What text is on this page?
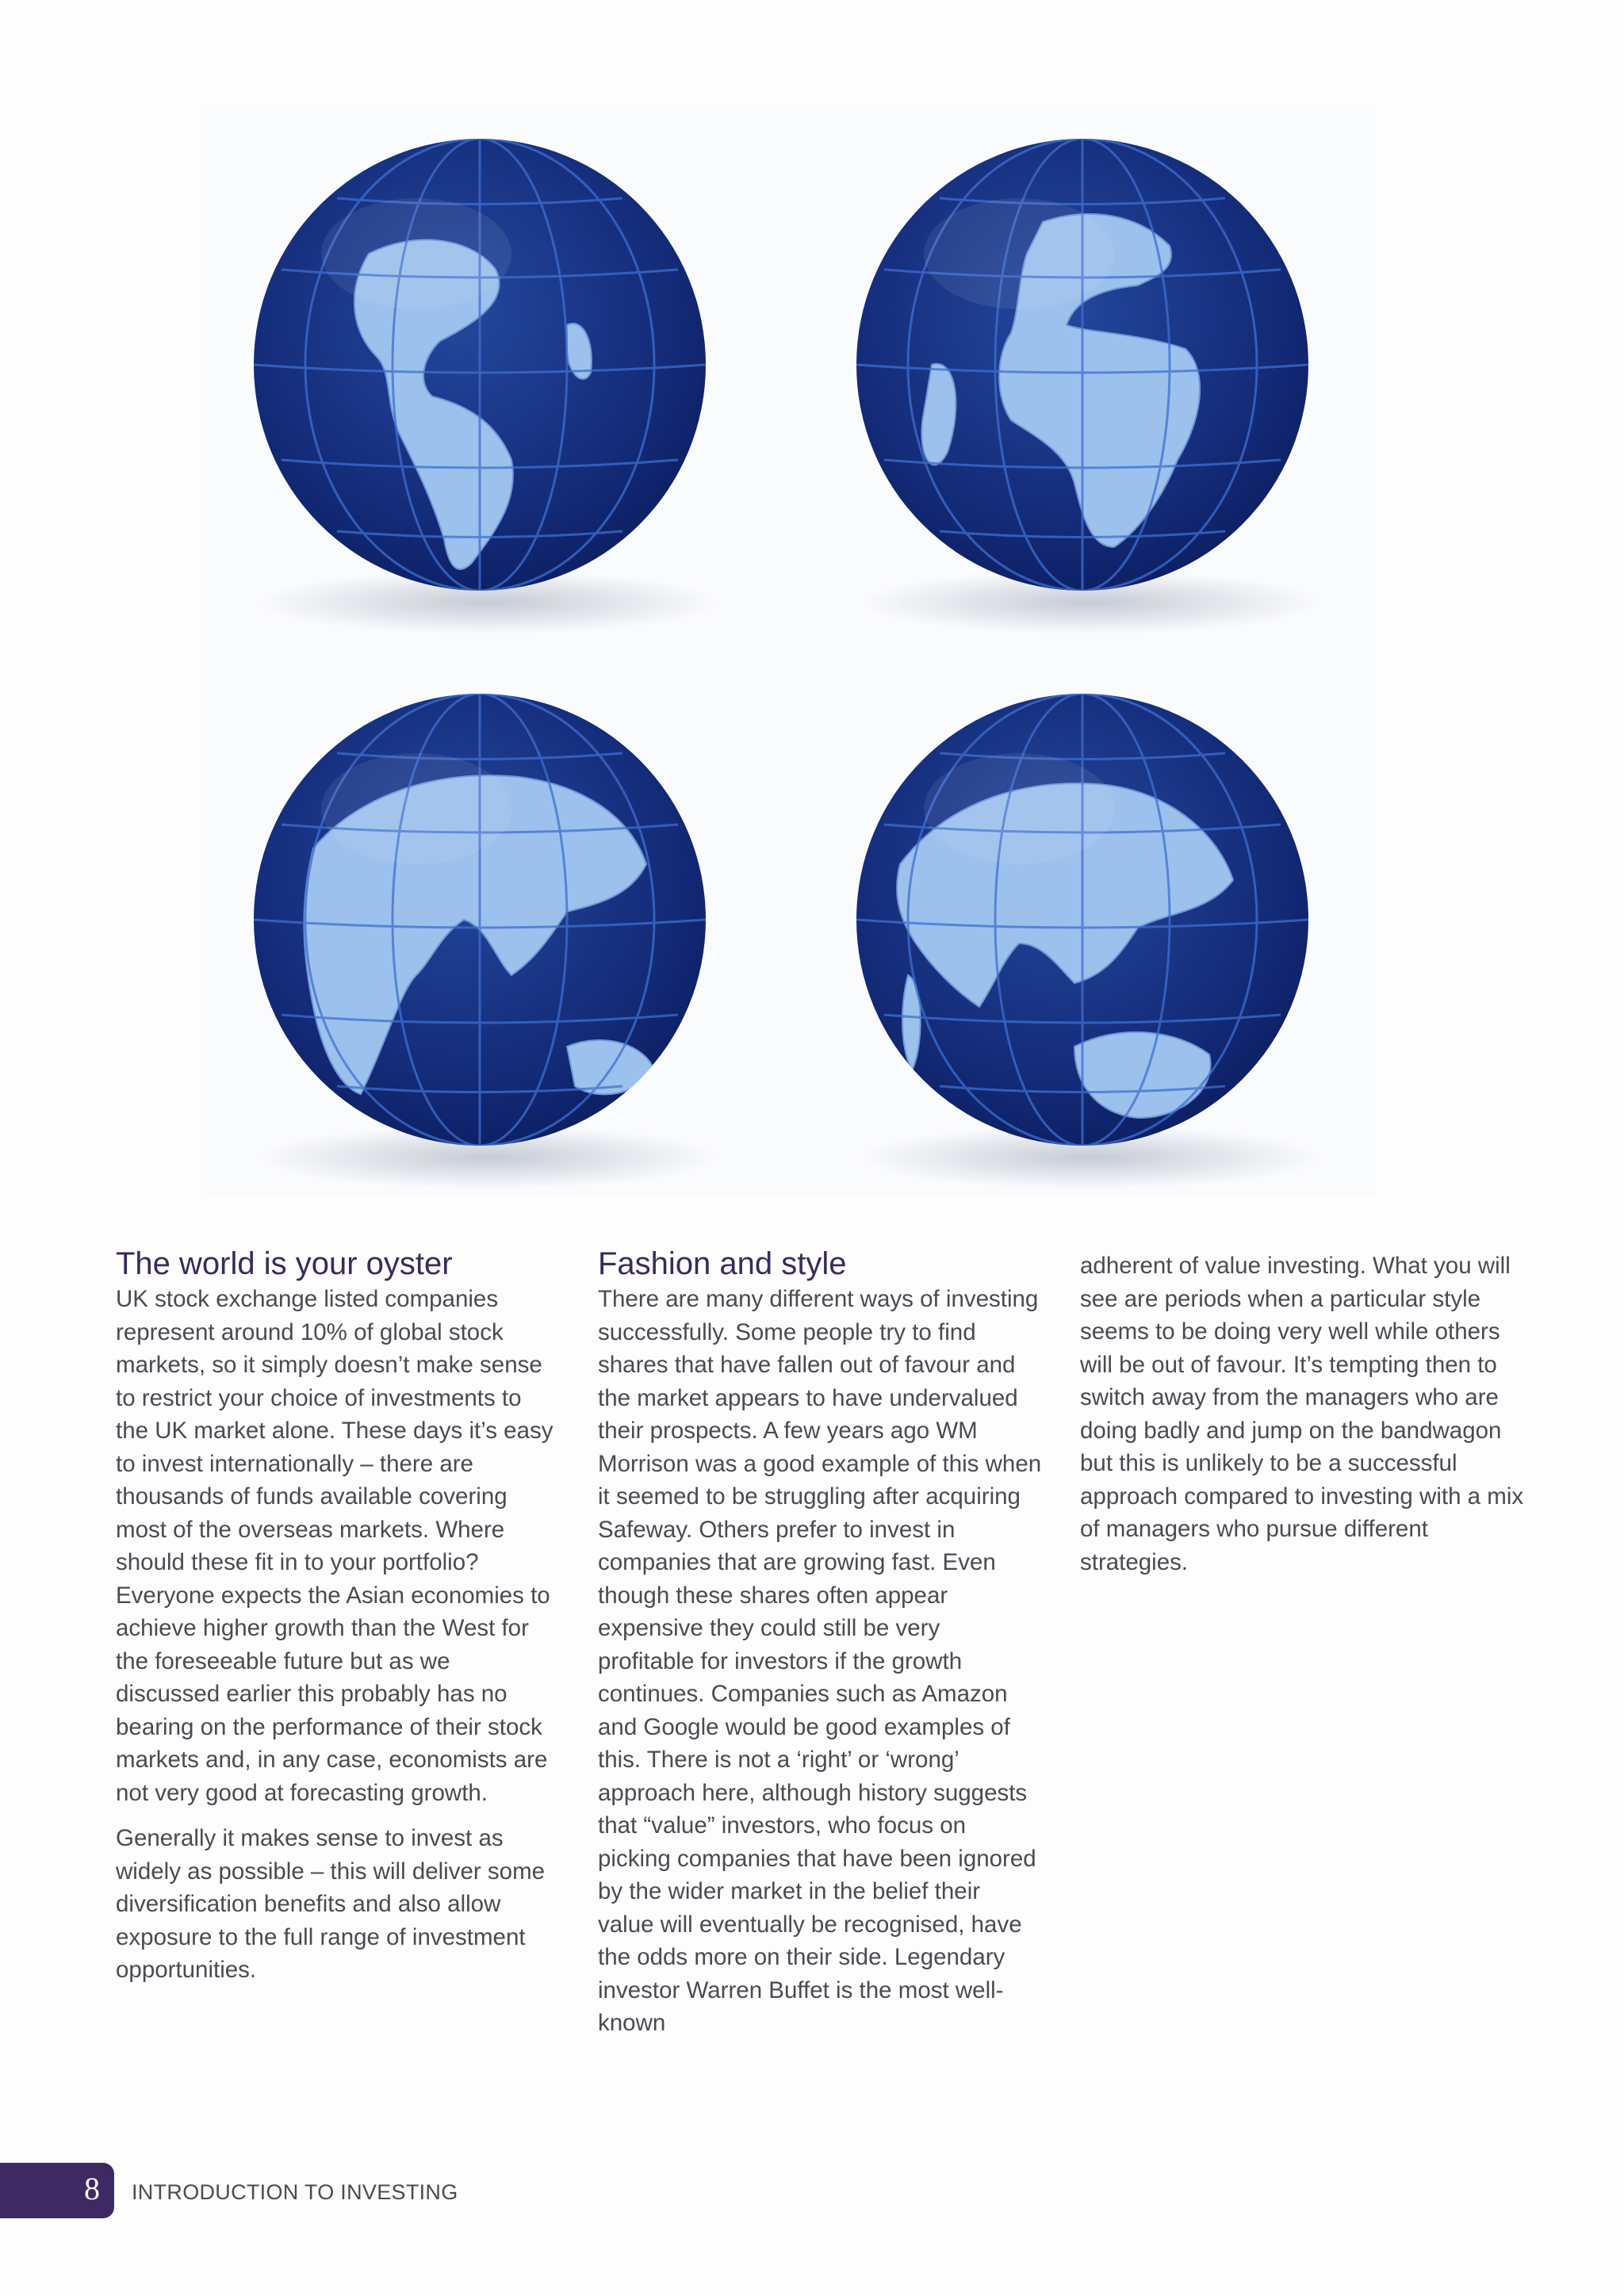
The world is your oyster

UK stock exchange listed companies represent around 10% of global stock markets, so it simply doesn’t make sense to restrict your choice of investments to the UK market alone. These days it’s easy to invest internationally – there are thousands of funds available covering most of the overseas markets. Where should these fit in to your portfolio? Everyone expects the Asian economies to achieve higher growth than the West for the foreseeable future but as we discussed earlier this probably has no bearing on the performance of their stock markets and, in any case, economists are not very good at forecasting growth.

Generally it makes sense to invest as widely as possible – this will deliver some diversification benefits and also allow exposure to the full range of investment opportunities.

Fashion and style

There are many different ways of investing successfully. Some people try to find shares that have fallen out of favour and the market appears to have undervalued their prospects. A few years ago WM Morrison was a good example of this when it seemed to be struggling after acquiring Safeway. Others prefer to invest in companies that are growing fast. Even though these shares often appear expensive they could still be very profitable for investors if the growth continues. Companies such as Amazon and Google would be good examples of this. There is not a ‘right’ or ‘wrong’ approach here, although history suggests that “value” investors, who focus on picking companies that have been ignored by the wider market in the belief their value will eventually be recognised, have the odds more on their side. Legendary investor Warren Buffet is the most well-known

adherent of value investing. What you will see are periods when a particular style seems to be doing very well while others will be out of favour. It’s tempting then to switch away from the managers who are doing badly and jump on the bandwagon but this is unlikely to be a successful approach compared to investing with a mix of managers who pursue different strategies.

8 INTRODUCTION TO INVESTING
